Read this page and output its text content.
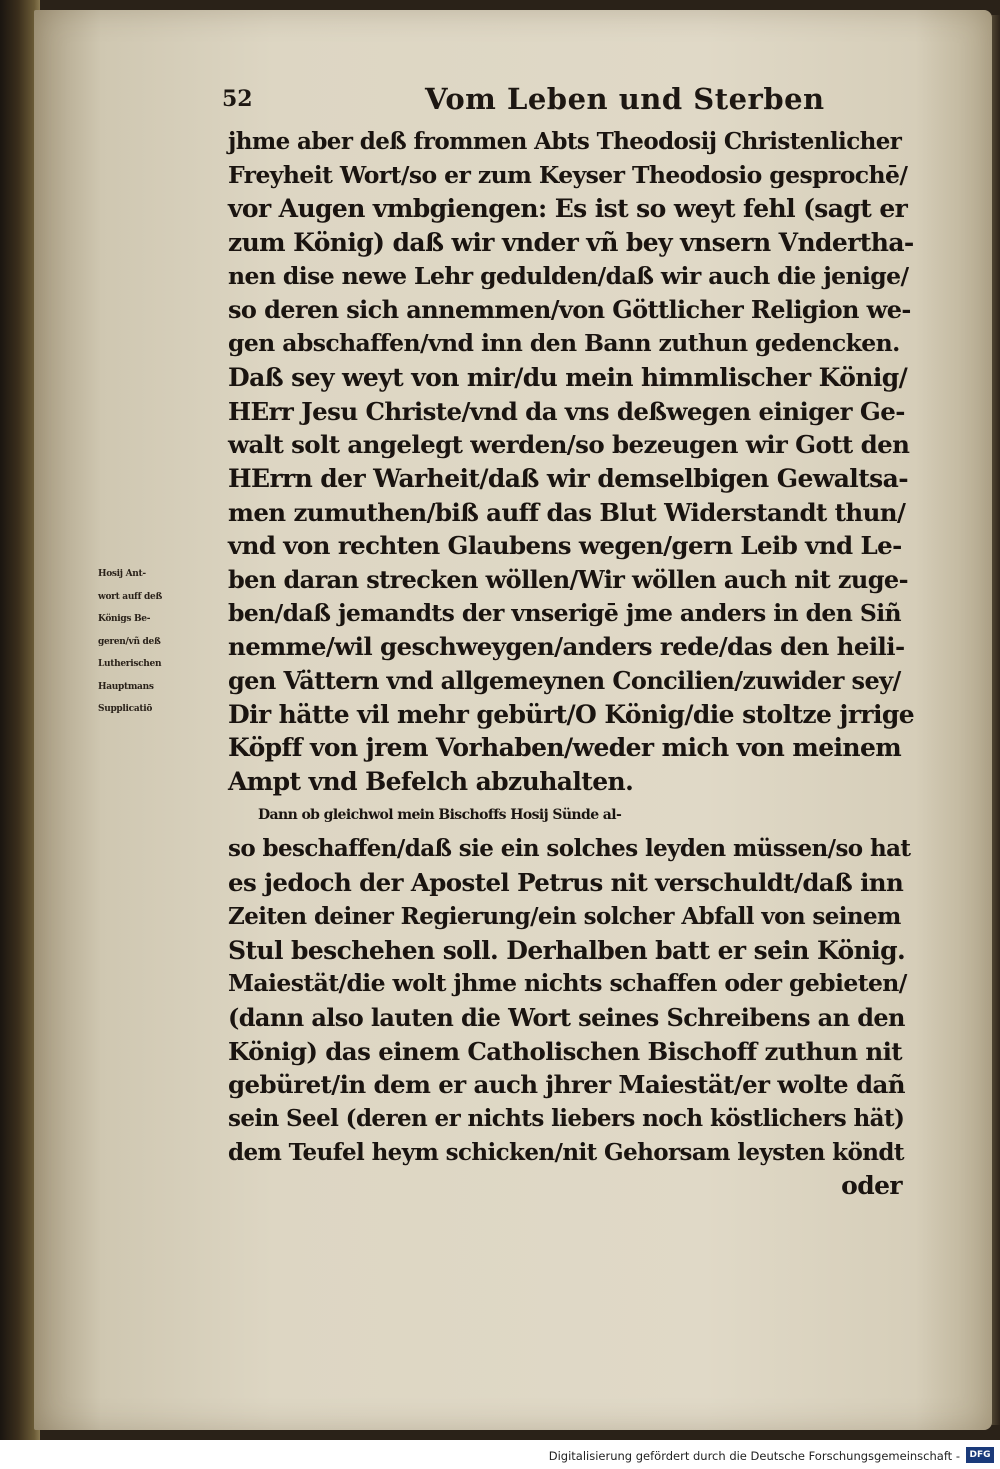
52	Vom Leben und Sterben
Hosij Ant-
wort auff deß
Königs Be-
geren/vñ deß
Lutherischen
Hauptmans
Supplicatiō
jhme aber deß frommen Abts Theodosij Christenlicher
Freyheit Wort/so er zum Keyser Theodosio gesprochē/
vor Augen vmbgiengen: Es ist so weyt fehl (sagt er
zum König) daß wir vnder vñ bey vnsern Vndertha-
nen dise newe Lehr gedulden/daß wir auch die jenige/
so deren sich annemmen/von Göttlicher Religion we-
gen abschaffen/vnd inn den Bann zuthun gedencken.
Daß sey weyt von mir/du mein himmlischer König/
HErr Jesu Christe/vnd da vns deßwegen einiger Ge-
walt solt angelegt werden/so bezeugen wir Gott den
HErrn der Warheit/daß wir demselbigen Gewaltsa-
men zumuthen/biß auff das Blut Widerstandt thun/
vnd von rechten Glaubens wegen/gern Leib vnd Le-
ben daran strecken wöllen/Wir wöllen auch nit zuge-
ben/daß jemandts der vnserigē jme anders in den Siñ
nemme/wil geschweygen/anders rede/das den heili-
gen Vättern vnd allgemeynen Concilien/zuwider sey/
Dir hätte vil mehr gebürt/O König/die stoltze jrrige
Köpff von jrem Vorhaben/weder mich von meinem
Ampt vnd Befelch abzuhalten.
Dann ob gleichwol mein Bischoffs Hosij Sünde al-
so beschaffen/daß sie ein solches leyden müssen/so hat
es jedoch der Apostel Petrus nit verschuldt/daß inn
Zeiten deiner Regierung/ein solcher Abfall von seinem
Stul beschehen soll. Derhalben batt er sein König.
Maiestät/die wolt jhme nichts schaffen oder gebieten/
(dann also lauten die Wort seines Schreibens an den
König) das einem Catholischen Bischoff zuthun nit
gebüret/in dem er auch jhrer Maiestät/er wolte dañ
sein Seel (deren er nichts liebers noch köstlichers hät)
dem Teufel heym schicken/nit Gehorsam leysten köndt
oder
Digitalisierung gefördert durch die Deutsche Forschungsgemeinschaft -	DFG
